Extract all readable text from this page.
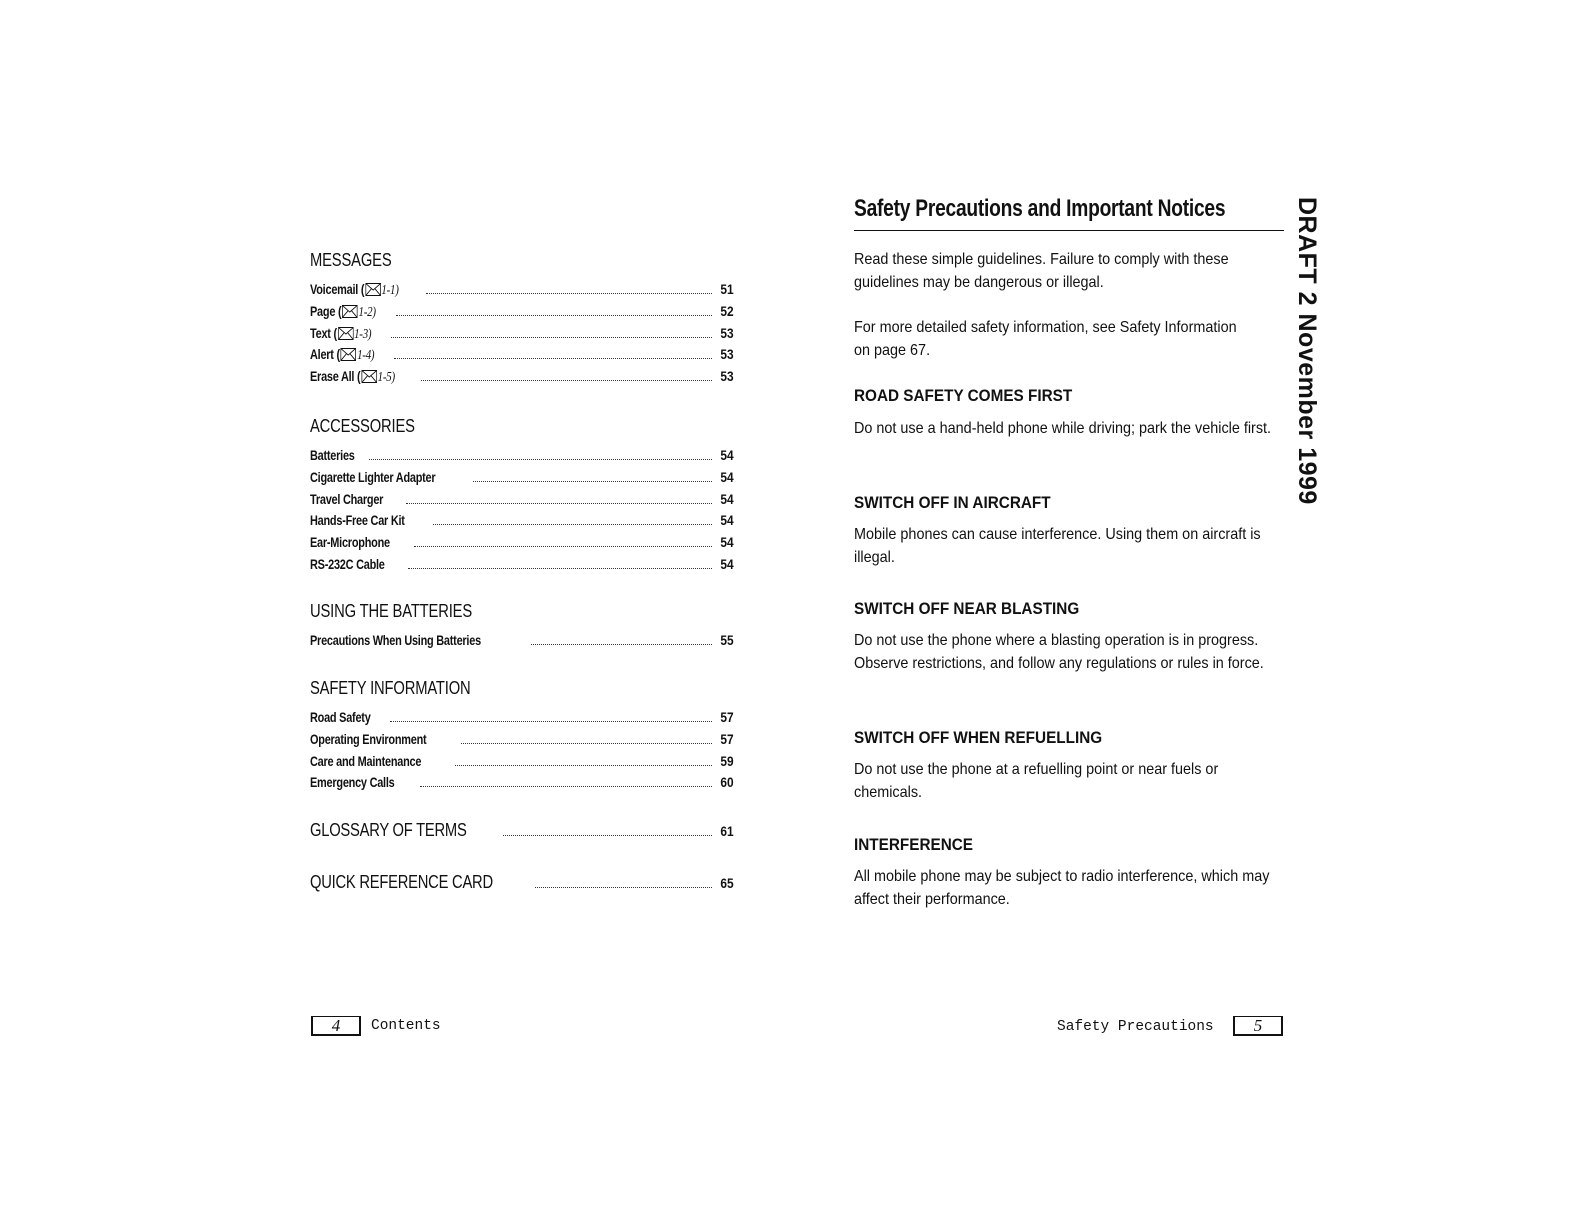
MESSAGES
Voicemail ( 1-1)	51
Page ( 1-2)	52
Text ( 1-3)	53
Alert ( 1-4)	53
Erase All ( 1-5)	53
ACCESSORIES
Batteries	54
Cigarette Lighter Adapter	54
Travel Charger	54
Hands-Free Car Kit	54
Ear-Microphone	54
RS-232C Cable	54
USING THE BATTERIES
Precautions When Using Batteries	55
SAFETY INFORMATION
Road Safety	57
Operating Environment	57
Care and Maintenance	59
Emergency Calls	60
GLOSSARY OF TERMS	61
QUICK REFERENCE CARD	65
4	Contents
Safety Precautions and Important Notices

Read these simple guidelines. Failure to comply with these guidelines may be dangerous or illegal.

For more detailed safety information, see Safety Information on page 67.

ROAD SAFETY COMES FIRST

Do not use a hand-held phone while driving; park the vehicle first.

SWITCH OFF IN AIRCRAFT

Mobile phones can cause interference. Using them on aircraft is illegal.

SWITCH OFF NEAR BLASTING

Do not use the phone where a blasting operation is in progress. Observe restrictions, and follow any regulations or rules in force.

SWITCH OFF WHEN REFUELLING

Do not use the phone at a refuelling point or near fuels or chemicals.

INTERFERENCE

All mobile phone may be subject to radio interference, which may affect their performance.

Safety Precautions	5
DRAFT 2 November 1999
